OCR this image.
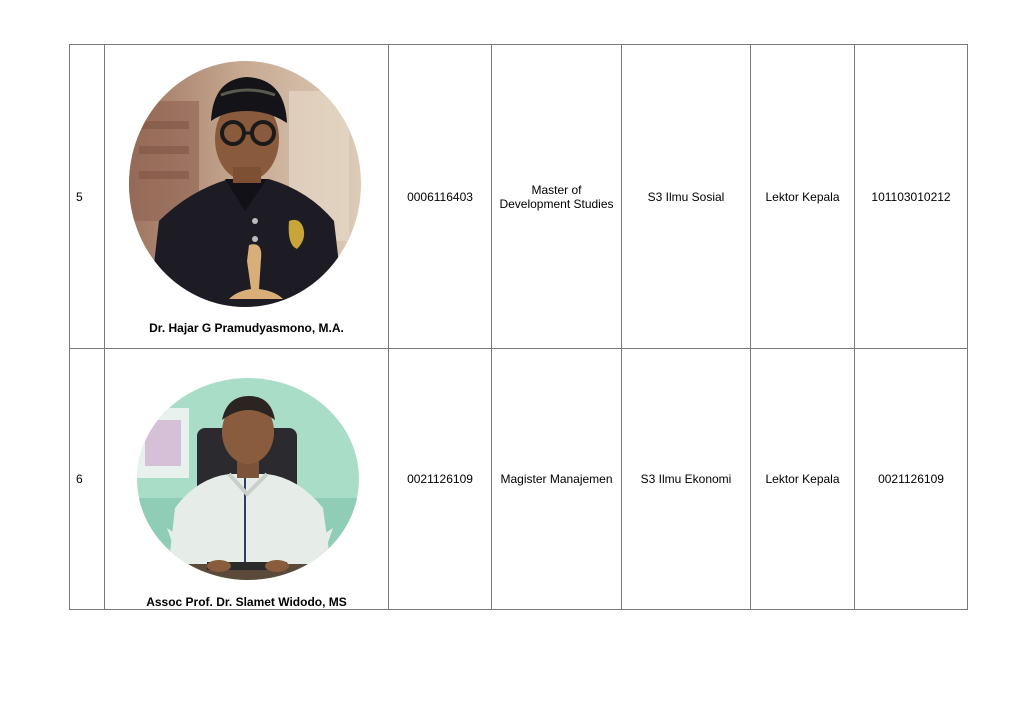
5	Dr. Hajar G Pramudyasmono, M.A.	0006116403	Master of Development Studies	S3 Ilmu Sosial	Lektor Kepala	101103010212
6	Assoc Prof. Dr. Slamet Widodo, MS	0021126109	Magister Manajemen	S3 Ilmu Ekonomi	Lektor Kepala	0021126109
